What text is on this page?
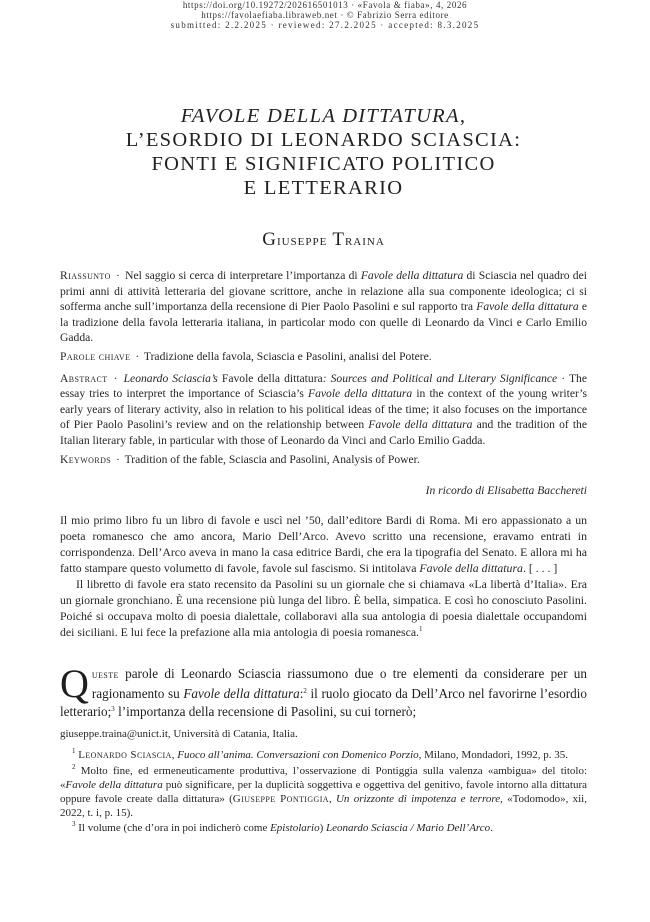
FAVOLE DELLA DITTATURA,
L’ESORDIO DI LEONARDO SCIASCIA:
FONTI E SIGNIFICATO POLITICO
E LETTERARIO
Giuseppe Traina

Riassunto · Nel saggio si cerca di interpretare l’importanza di Favole della dittatura di Sciascia nel quadro dei primi anni di attività letteraria del giovane scrittore, anche in relazione alla sua componente ideologica; ci si sofferma anche sull’importanza della recensione di Pier Paolo Pasolini e sul rapporto tra Favole della dittatura e la tradizione della favola letteraria italiana, in particolar modo con quelle di Leonardo da Vinci e Carlo Emilio Gadda.

Parole chiave · Tradizione della favola, Sciascia e Pasolini, analisi del Potere.

Abstract · Leonardo Sciascia’s Favole della dittatura: Sources and Political and Literary Significance · The essay tries to interpret the importance of Sciascia’s Favole della dittatura in the context of the young writer’s early years of literary activity, also in relation to his political ideas of the time; it also focuses on the importance of Pier Paolo Pasolini’s review and on the relationship between Favole della dittatura and the tradition of the Italian literary fable, in particular with those of Leonardo da Vinci and Carlo Emilio Gadda.

Keywords · Tradition of the fable, Sciascia and Pasolini, Analysis of Power.

In ricordo di Elisabetta Bacchereti

Il mio primo libro fu un libro di favole e uscì nel ’50, dall’editore Bardi di Roma. Mi ero appassionato a un poeta romanesco che amo ancora, Mario Dell’Arco. Avevo scritto una recensione, eravamo entrati in corrispondenza. Dell’Arco aveva in mano la casa editrice Bardi, che era la tipografia del Senato. E allora mi ha fatto stampare questo volumetto di favole, favole sul fascismo. Si intitolava Favole della dittatura. [ . . . ]

Il libretto di favole era stato recensito da Pasolini su un giornale che si chiamava «La libertà d’Italia». Era un giornale gronchiano. È una recensione più lunga del libro. È bella, simpatica. E così ho conosciuto Pasolini. Poiché si occupava molto di poesia dialettale, collaboravi alla sua antologia di poesia dialettale occupandomi dei siciliani. E lui fece la prefazione alla mia antologia di poesia romanesca.$^1$

Queste parole di Leonardo Sciascia riassumono due o tre elementi da considerare per un ragionamento su Favole della dittatura:$^2$ il ruolo giocato da Dell’Arco nel favorirne l’esordio letterario;$^3$ l’importanza della recensione di Pasolini, su cui tornerò;

giuseppe.traina@unict.it, Università di Catania, Italia.

$^1$ Leonardo Sciascia, Fuoco all’anima. Conversazioni con Domenico Porzio, Milano, Mondadori, 1992, p. 35.

$^2$ Molto fine, ed ermeneuticamente produttiva, l’osservazione di Pontiggia sulla valenza «ambigua» del titolo: «Favole della dittatura può significare, per la duplicità soggettiva e oggettiva del genitivo, favole intorno alla dittatura oppure favole create dalla dittatura» (Giuseppe Pontiggia, Un orizzonte di impotenza e terrore, «Todomodo», xii, 2022, t. i, p. 15).

$^3$ Il volume (che d’ora in poi indicherò come Epistolario) Leonardo Sciascia / Mario Dell’Arco.

https://doi.org/10.19272/202616501013 · «Favola & fiaba», 4, 2026
https://favolaefiaba.libraweb.net · © Fabrizio Serra editore
submitted: 2.2.2025 · reviewed: 27.2.2025 · accepted: 8.3.2025
